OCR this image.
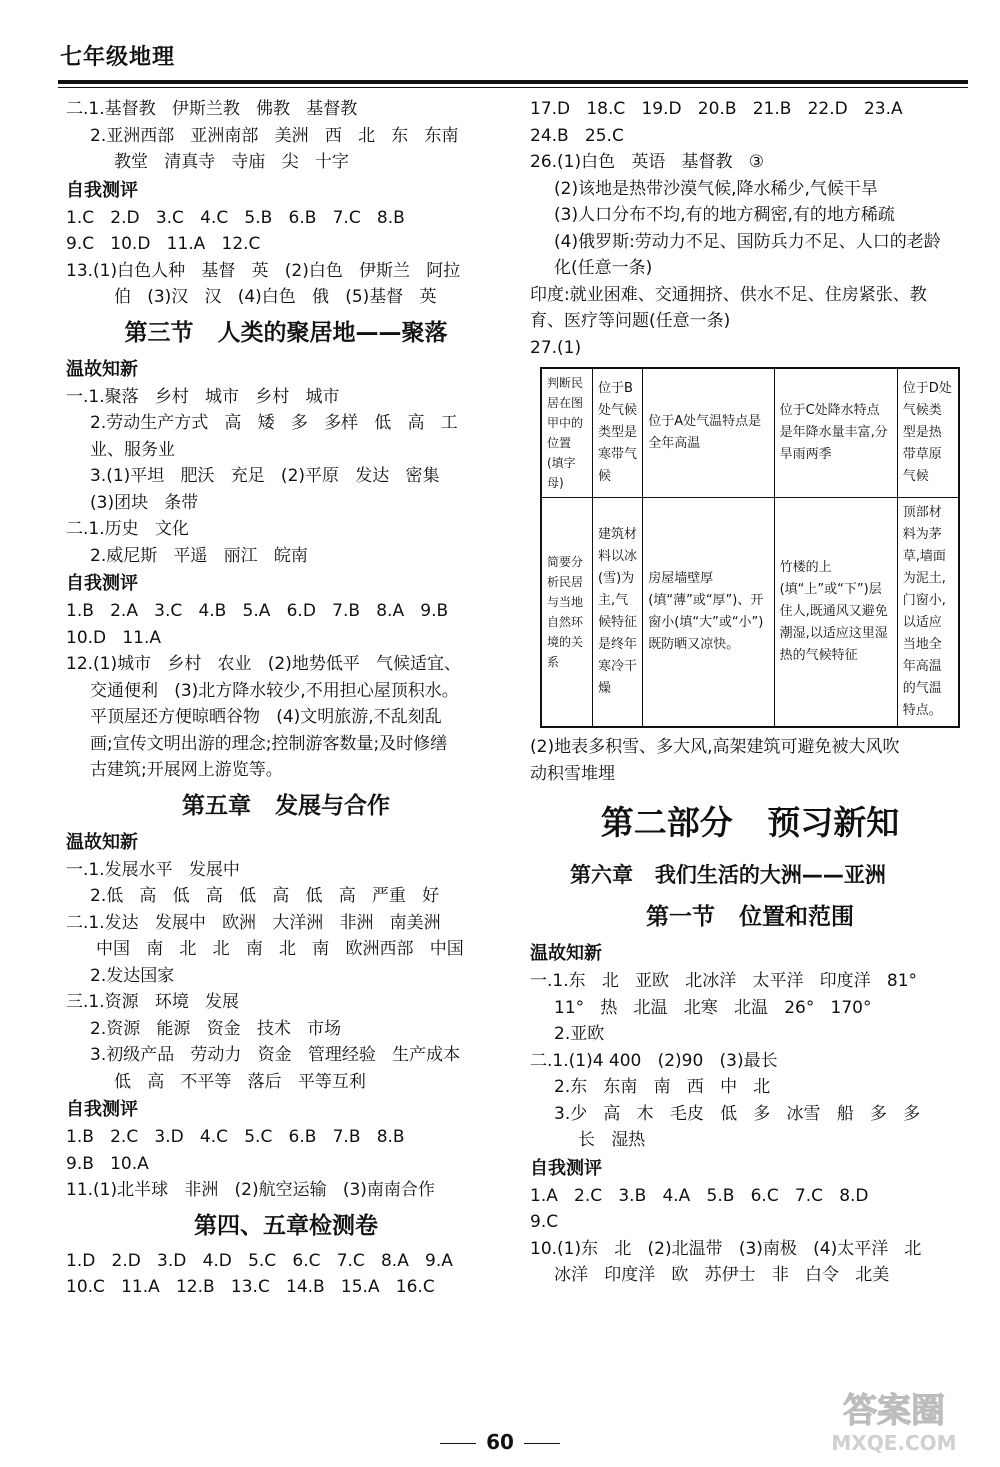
七年级地理

二.1.基督教   伊斯兰教   佛教   基督教

2.亚洲西部   亚洲南部   美洲   西   北   东   东南

教堂   清真寺   寺庙   尖   十字

自我测评

1.C   2.D   3.C   4.C   5.B   6.B   7.C   8.B

9.C   10.D   11.A   12.C

13.(1)白色人种   基督   英   (2)白色   伊斯兰   阿拉

伯   (3)汉   汉   (4)白色   俄   (5)基督   英

第三节   人类的聚居地——聚落

温故知新

一.1.聚落   乡村   城市   乡村   城市

2.劳动生产方式   高   矮   多   多样   低   高   工

业、服务业

3.(1)平坦   肥沃   充足   (2)平原   发达   密集

(3)团块   条带

二.1.历史   文化

2.威尼斯   平遥   丽江   皖南

自我测评

1.B   2.A   3.C   4.B   5.A   6.D   7.B   8.A   9.B

10.D   11.A

12.(1)城市   乡村   农业   (2)地势低平   气候适宜、

交通便利   (3)北方降水较少,不用担心屋顶积水。

平顶屋还方便晾晒谷物   (4)文明旅游,不乱刻乱

画;宣传文明出游的理念;控制游客数量;及时修缮

古建筑;开展网上游览等。

第五章   发展与合作

温故知新

一.1.发展水平   发展中

2.低   高   低   高   低   高   低   高   严重   好

二.1.发达   发展中   欧洲   大洋洲   非洲   南美洲

中国   南   北   北   南   北   南   欧洲西部   中国

2.发达国家

三.1.资源   环境   发展

2.资源   能源   资金   技术   市场

3.初级产品   劳动力   资金   管理经验   生产成本

低   高   不平等   落后   平等互利

自我测评

1.B   2.C   3.D   4.C   5.C   6.B   7.B   8.B

9.B   10.A

11.(1)北半球   非洲   (2)航空运输   (3)南南合作

第四、五章检测卷

1.D   2.D   3.D   4.D   5.C   6.C   7.C   8.A   9.A

10.C   11.A   12.B   13.C   14.B   15.A   16.C

17.D   18.C   19.D   20.B   21.B   22.D   23.A

24.B   25.C

26.(1)白色   英语   基督教   ③

(2)该地是热带沙漠气候,降水稀少,气候干旱

(3)人口分布不均,有的地方稠密,有的地方稀疏

(4)俄罗斯:劳动力不足、国防兵力不足、人口的老龄

化(任意一条)

印度:就业困难、交通拥挤、供水不足、住房紧张、教

育、医疗等问题(任意一条)

27.(1)

判断民居在图甲中的位置(填字母)	位于B处气候类型是寒带气候	位于A处气温特点是全年高温	位于C处降水特点是年降水量丰富,分旱雨两季	位于D处气候类型是热带草原气候
简要分析民居与当地自然环境的关系	建筑材料以冰(雪)为主,气候特征是终年寒冷干燥	房屋墙壁厚(填“薄”或“厚”)、开窗小(填“大”或“小”)既防晒又凉快。	竹楼的上(填“上”或“下”)层住人,既通风又避免潮湿,以适应这里湿热的气候特征	顶部材料为茅草,墙面为泥土,门窗小,以适应当地全年高温的气温特点。

(2)地表多积雪、多大风,高架建筑可避免被大风吹

动积雪堆埋

第二部分   预习新知

第六章   我们生活的大洲——亚洲

第一节   位置和范围

温故知新

一.1.东   北   亚欧   北冰洋   太平洋   印度洋   81°

11°   热   北温   北寒   北温   26°   170°

2.亚欧

二.1.(1)4 400   (2)90   (3)最长

2.东   东南   南   西   中   北

3.少   高   木   毛皮   低   多   冰雪   船   多   多

长   湿热

自我测评

1.A   2.C   3.B   4.A   5.B   6.C   7.C   8.D

9.C

10.(1)东   北   (2)北温带   (3)南极   (4)太平洋   北

冰洋   印度洋   欧   苏伊士   非   白令   北美

60
答案圈
MXQE.COM
